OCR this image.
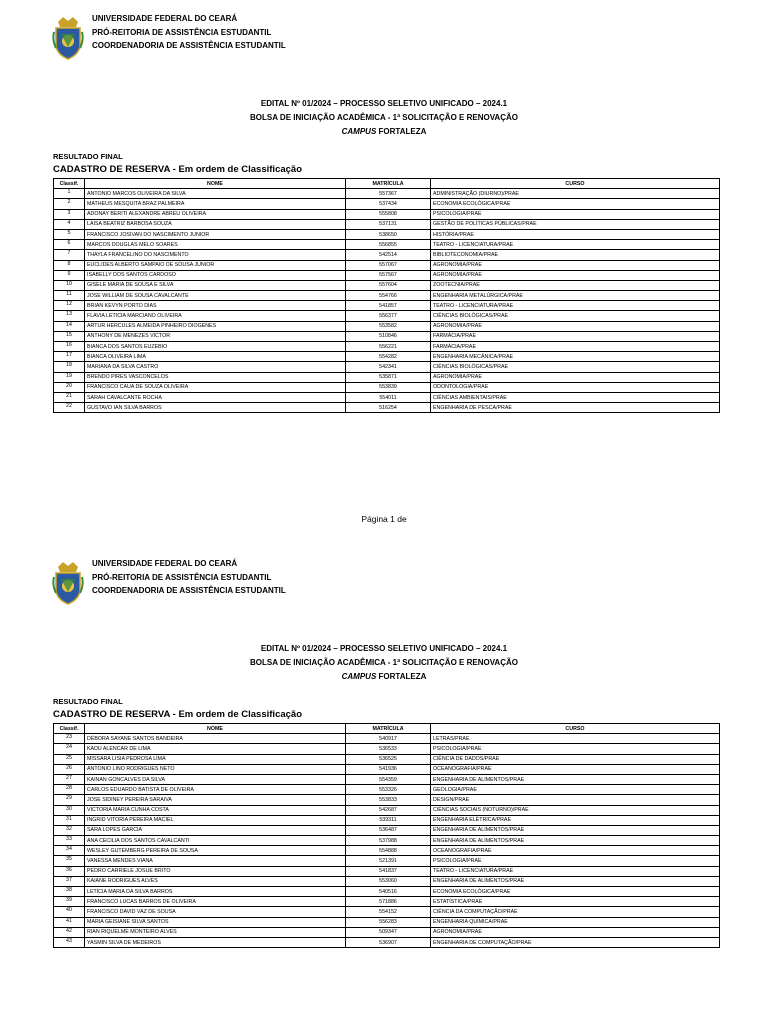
UNIVERSIDADE FEDERAL DO CEARÁ
PRÓ-REITORIA DE ASSISTÊNCIA ESTUDANTIL
COORDENADORIA DE ASSISTÊNCIA ESTUDANTIL
EDITAL Nº 01/2024 – PROCESSO SELETIVO UNIFICADO – 2024.1
BOLSA DE INICIAÇÃO ACADÊMICA - 1ª SOLICITAÇÃO E RENOVAÇÃO
CAMPUS FORTALEZA
RESULTADO FINAL
CADASTRO DE RESERVA - Em ordem de Classificação
Classif.	NOME	MATRÍCULA	CURSO
1	ANTONIO MARCOS OLIVEIRA DA SILVA	557367	ADMINISTRAÇÃO (DIURNO)/PRAE
2	MATHEUS MESQUITA BRAZ PALMEIRA	537434	ECONOMIA ECOLÓGICA/PRAE
3	ADONAY BERITI ALEXANDRE ABREU OLIVEIRA	555808	PSICOLOGIA/PRAE
4	LAISA BEATRIZ BARBOSA SOUZA	537131	GESTÃO DE POLÍTICAS PÚBLICAS/PRAE
5	FRANCISCO JOSIVAN DO NASCIMENTO JUNIOR	538650	HISTÓRIA/PRAE
6	MARCOS DOUGLAS MELO SOARES	556855	TEATRO - LICENCIATURA/PRAE
7	THAYLA FRANCELINO DO NASCIMENTO	542514	BIBLIOTECONOMIA/PRAE
8	EUCLIDES ALBERTO SAMPAIO DE SOUSA JUNIOR	557067	AGRONOMIA/PRAE
9	ISABELLY DOS SANTOS CARDOSO	557567	AGRONOMIA/PRAE
10	GISELE MARIA DE SOUSA E SILVA	557604	ZOOTECNIA/PRAE
11	JOSE WILLIAM DE SOUSA CAVALCANTE	554766	ENGENHARIA METALÚRGICA/PRAE
12	BRIAN KEVYN PORTO DIAS	541857	TEATRO - LICENCIATURA/PRAE
13	FLAVIA LETICIA MARCIANO OLIVEIRA	556377	CIÊNCIAS BIOLÓGICAS/PRAE
14	ARTUR HERCULES ALMEIDA PINHEIRO DIOGENES	553582	AGRONOMIA/PRAE
15	ANTHONY DE MENEZES VICTOR	510846	FARMÁCIA/PRAE
16	BIANCA DOS SANTOS EUZEBIO	556221	FARMÁCIA/PRAE
17	BIANCA OLIVEIRA LIMA	554282	ENGENHARIA MECÂNICA/PRAE
18	MARIANA DA SILVA CASTRO	542341	CIÊNCIAS BIOLÓGICAS/PRAE
19	BRENDO PIRES VASCONCELOS	535871	AGRONOMIA/PRAE
20	FRANCISCO CAUA DE SOUZA OLIVEIRA	553839	ODONTOLOGIA/PRAE
21	SARAH CAVALCANTE ROCHA	554011	CIÊNCIAS AMBIENTAIS/PRAE
22	GUSTAVO IAN SILVA BARROS	516254	ENGENHARIA DE PESCA/PRAE
Página 1 de
UNIVERSIDADE FEDERAL DO CEARÁ
PRÓ-REITORIA DE ASSISTÊNCIA ESTUDANTIL
COORDENADORIA DE ASSISTÊNCIA ESTUDANTIL
EDITAL Nº 01/2024 – PROCESSO SELETIVO UNIFICADO – 2024.1
BOLSA DE INICIAÇÃO ACADÊMICA - 1ª SOLICITAÇÃO E RENOVAÇÃO
CAMPUS FORTALEZA
RESULTADO FINAL
CADASTRO DE RESERVA - Em ordem de Classificação
Classif.	NOME	MATRÍCULA	CURSO
23	DÉBORA SAYANE SANTOS BANDEIRA	540917	LETRAS/PRAE
24	KADU ALENCAR DE LIMA	536533	PSICOLOGIA/PRAE
25	MISSARA LISIA PEDROSA LIMA	536525	CIÊNCIA DE DADOS/PRAE
26	ANTONIO LINO RODRIGUES NETO	541936	OCEANOGRAFIA/PRAE
27	KAINAN GONCALVES DA SILVA	554359	ENGENHARIA DE ALIMENTOS/PRAE
28	CARLOS EDUARDO BATISTA DE OLIVEIRA	553326	GEOLOGIA/PRAE
29	JOSE SIDINEY PEREIRA SARAIVA	553833	DESIGN/PRAE
30	VICTORIA MARIA CUNHA COSTA	542687	CIÊNCIAS SOCIAIS (NOTURNO)/PRAE
31	INGRID VITORIA PEREIRA MACIEL	539311	ENGENHARIA ELÉTRICA/PRAE
32	SARA LOPES GARCIA	536487	ENGENHARIA DE ALIMENTOS/PRAE
33	ANA CECILIA DOS SANTOS CAVALCANTI	537988	ENGENHARIA DE ALIMENTOS/PRAE
34	WESLEY GUTEMBERG PEREIRA DE SOUSA	554888	OCEANOGRAFIA/PRAE
35	VANESSA MENDES VIANA	521391	PSICOLOGIA/PRAE
36	PEDRO CARRIELE JOSUE BRITO	541837	TEATRO - LICENCIATURA/PRAE
37	KAIANE RODRIGUES ALVES	553060	ENGENHARIA DE ALIMENTOS/PRAE
38	LETÍCIA MARIA DA SILVA BARROS	540516	ECONOMIA ECOLÓGICA/PRAE
39	FRANCISCO LUCAS BARROS DE OLIVEIRA	571886	ESTATÍSTICA/PRAE
40	FRANCISCO DAVID VAZ DE SOUSA	554152	CIÊNCIA DA COMPUTAÇÃO/PRAE
41	MARIA GEISIANE SILVA SANTOS	556283	ENGENHARIA QUÍMICA/PRAE
42	RIAN RIQUELME MONTEIRO ALVES	509347	AGRONOMIA/PRAE
43	YASMIN SILVA DE MEDEIROS	536907	ENGENHARIA DE COMPUTAÇÃO/PRAE
